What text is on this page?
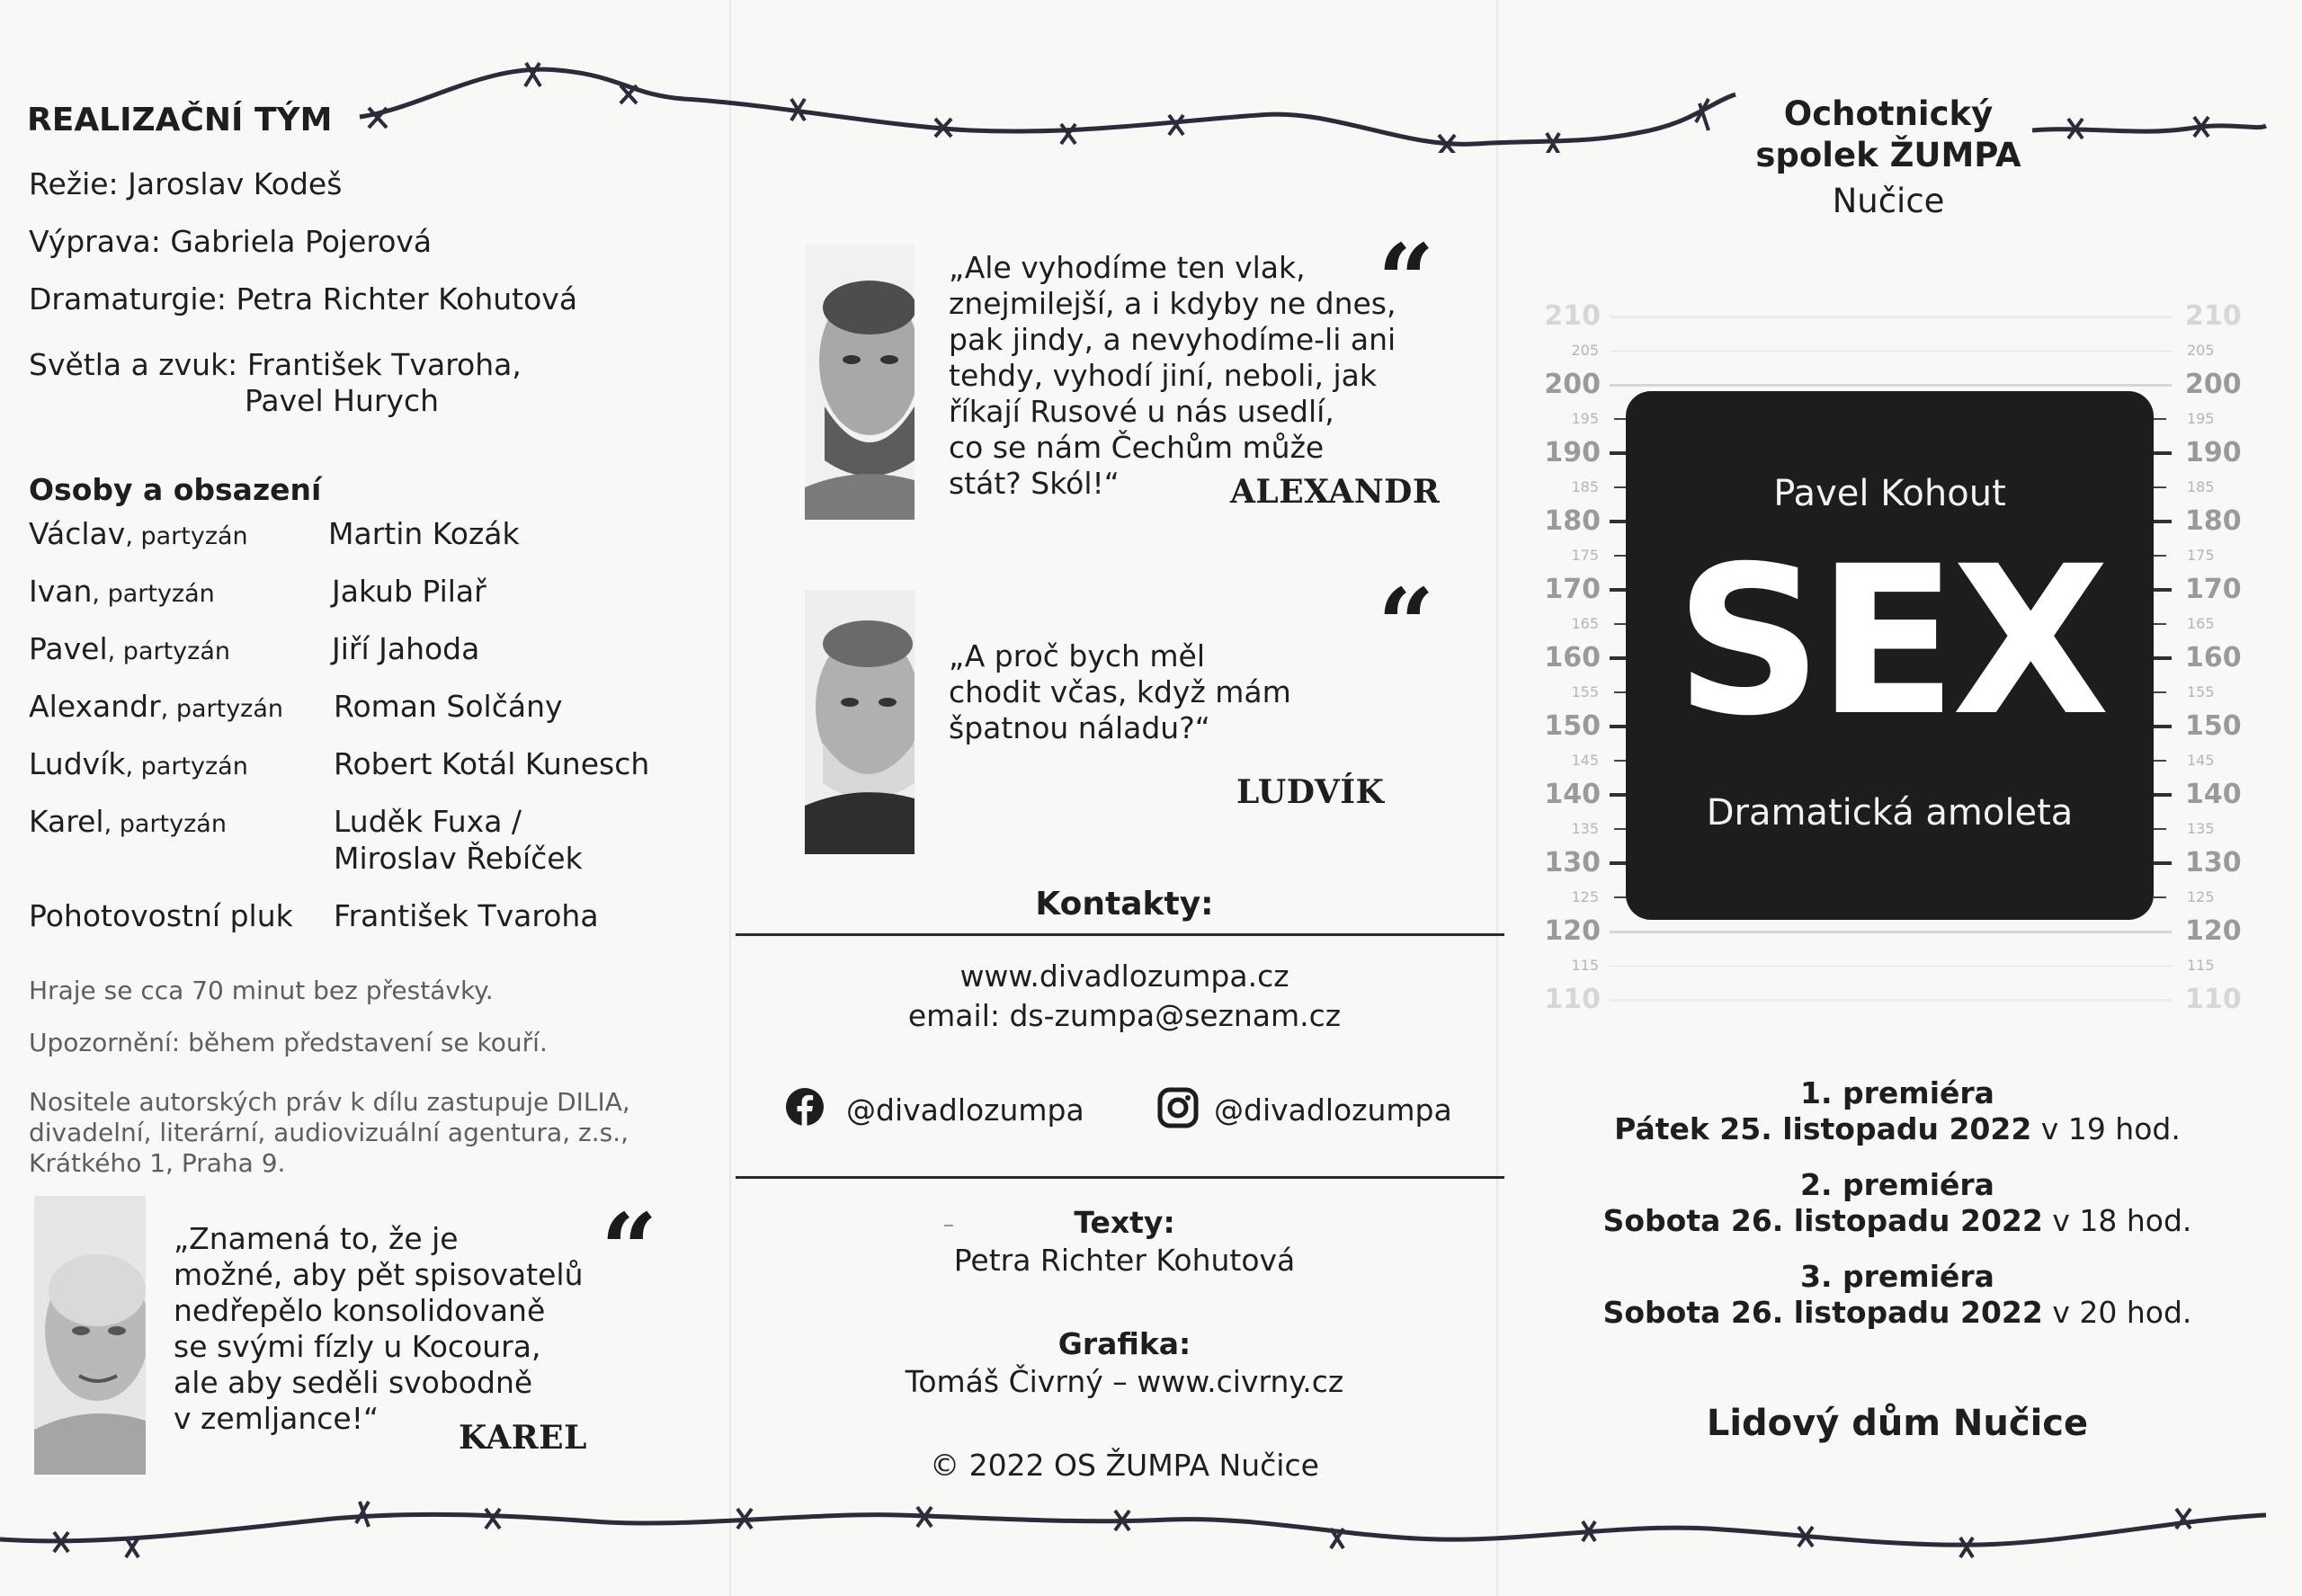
REALIZAČNÍ TÝM
Režie: Jaroslav Kodeš
Výprava: Gabriela Pojerová
Dramaturgie: Petra Richter Kohutová
Světla a zvuk: František Tvaroha,
Pavel Hurych
Osoby a obsazení
Václav, partyzán	Martin Kozák
Ivan, partyzán	Jakub Pilař
Pavel, partyzán	Jiří Jahoda
Alexandr, partyzán Roman Solčány
Ludvík, partyzán	Robert Kotál Kunesch
Karel, partyzán	Luděk Fuxa /
Miroslav Řebíček
Pohotovostní pluk František Tvaroha
Hraje se cca 70 minut bez přestávky.
Upozornění: během představení se kouří.
Nositele autorských práv k dílu zastupuje DILIA,
divadelní, literární, audiovizuální agentura, z.s.,
Krátkého 1, Praha 9.
„Znamená to, že je
možné, aby pět spisovatelů
nedřepělo konsolidovaně
se svými fízly u Kocoura,
ale aby seděli svobodně
v zemljance!“
“
KAREL
„Ale vyhodíme ten vlak,
znejmilejší, a i kdyby ne dnes,
pak jindy, a nevyhodíme-li ani
tehdy, vyhodí jiní, neboli, jak
říkají Rusové u nás usedlí,
co se nám Čechům může
stát? Skól!“
“
ALEXANDR
„A proč bych měl
chodit včas, když mám
špatnou náladu?“
“
LUDVÍK
Kontakty:
www.divadlozumpa.cz
email: ds-zumpa@seznam.cz
@divadlozumpa	@divadlozumpa
Texty:
Petra Richter Kohutová
Grafika:
Tomáš Čivrný – www.civrny.cz
© 2022 OS ŽUMPA Nučice
Ochotnický
spolek ŽUMPA
Nučice
210	210
200	200
190	190
180	180
170	170
160	160
150	150
140	140
130	130
120	120
110	110
205	205
195	195
185	185
175	175
165	165
155	155
145	145
135	135
125	125
115	115
Pavel Kohout
SEX
Dramatická amoleta
1. premiéra
Pátek 25. listopadu 2022 v 19 hod.
2. premiéra
Sobota 26. listopadu 2022 v 18 hod.
3. premiéra
Sobota 26. listopadu 2022 v 20 hod.
Lidový dům Nučice
